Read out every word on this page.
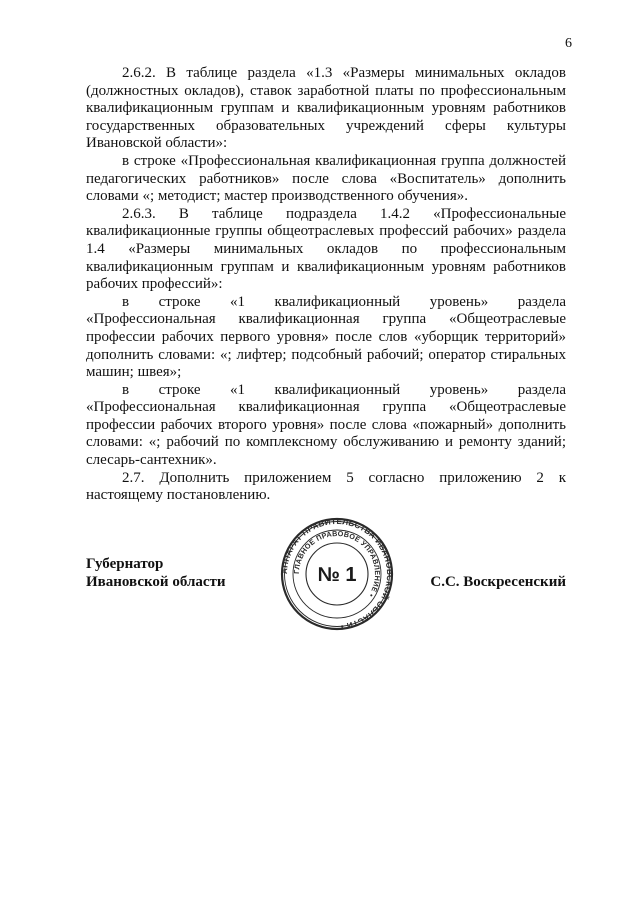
6

2.6.2. В таблице раздела «1.3 «Размеры минимальных окладов (должностных окладов), ставок заработной платы по профессиональным квалификационным группам и квалификационным уровням работников государственных образовательных учреждений сферы культуры Ивановской области»:

в строке «Профессиональная квалификационная группа должностей педагогических работников» после слова «Воспитатель» дополнить словами «; методист; мастер производственного обучения».

2.6.3. В таблице подраздела 1.4.2 «Профессиональные квалификационные группы общеотраслевых профессий рабочих» раздела 1.4 «Размеры минимальных окладов по профессиональным квалификационным группам и квалификационным уровням работников рабочих профессий»:

в строке «1 квалификационный уровень» раздела «Профессиональная квалификационная группа «Общеотраслевые профессии рабочих первого уровня» после слов «уборщик территорий» дополнить словами: «; лифтер; подсобный рабочий; оператор стиральных машин; швея»;

в строке «1 квалификационный уровень» раздела «Профессиональная квалификационная группа «Общеотраслевые профессии рабочих второго уровня» после слова «пожарный» дополнить словами: «; рабочий по комплексному обслуживанию и ремонту зданий; слесарь-сантехник».

2.7. Дополнить приложением 5 согласно приложению 2 к настоящему постановлению.

Губернатор
Ивановской области	С.С. Воскресенский
АППАРАТ ПРАВИТЕЛЬСТВА ИВАНОВСКОЙ ОБЛАСТИ •
ГЛАВНОЕ ПРАВОВОЕ УПРАВЛЕНИЕ •
№ 1
